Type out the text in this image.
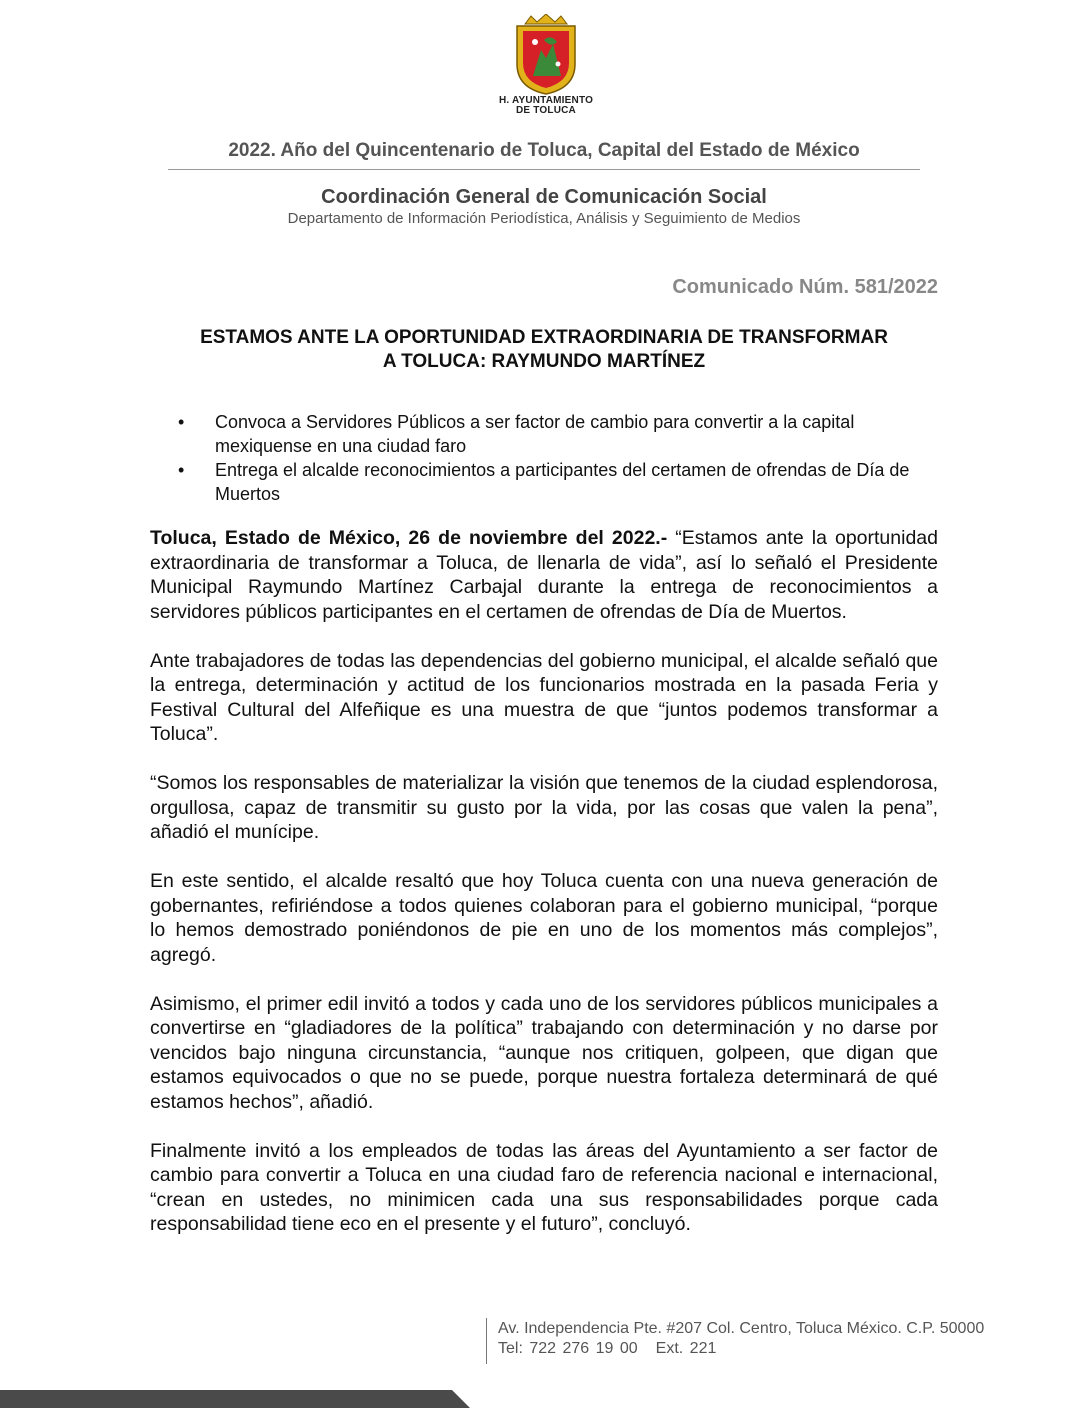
H. AYUNTAMIENTO
DE TOLUCA
2022. Año del Quincentenario de Toluca, Capital del Estado de México
Coordinación General de Comunicación Social
Departamento de Información Periodística, Análisis y Seguimiento de Medios
Comunicado Núm. 581/2022
ESTAMOS ANTE LA OPORTUNIDAD EXTRAORDINARIA DE TRANSFORMAR
A TOLUCA: RAYMUNDO MARTÍNEZ
• Convoca a Servidores Públicos a ser factor de cambio para convertir a la capital mexiquense en una ciudad faro
• Entrega el alcalde reconocimientos a participantes del certamen de ofrendas de Día de Muertos

Toluca, Estado de México, 26 de noviembre del 2022.- “Estamos ante la oportunidad extraordinaria de transformar a Toluca, de llenarla de vida”, así lo señaló el Presidente Municipal Raymundo Martínez Carbajal durante la entrega de reconocimientos a servidores públicos participantes en el certamen de ofrendas de Día de Muertos.

Ante trabajadores de todas las dependencias del gobierno municipal, el alcalde señaló que la entrega, determinación y actitud de los funcionarios mostrada en la pasada Feria y Festival Cultural del Alfeñique es una muestra de que “juntos podemos transformar a Toluca”.

“Somos los responsables de materializar la visión que tenemos de la ciudad esplendorosa, orgullosa, capaz de transmitir su gusto por la vida, por las cosas que valen la pena”, añadió el munícipe.

En este sentido, el alcalde resaltó que hoy Toluca cuenta con una nueva generación de gobernantes, refiriéndose a todos quienes colaboran para el gobierno municipal, “porque lo hemos demostrado poniéndonos de pie en uno de los momentos más complejos”, agregó.

Asimismo, el primer edil invitó a todos y cada uno de los servidores públicos municipales a convertirse en “gladiadores de la política” trabajando con determinación y no darse por vencidos bajo ninguna circunstancia, “aunque nos critiquen, golpeen, que digan que estamos equivocados o que no se puede, porque nuestra fortaleza determinará de qué estamos hechos”, añadió.

Finalmente invitó a los empleados de todas las áreas del Ayuntamiento a ser factor de cambio para convertir a Toluca en una ciudad faro de referencia nacional e internacional, “crean en ustedes, no minimicen cada una sus responsabilidades porque cada responsabilidad tiene eco en el presente y el futuro”, concluyó.

Av. Independencia Pte. #207 Col. Centro, Toluca México. C.P. 50000
Tel: 722 276 19 00 Ext. 221
